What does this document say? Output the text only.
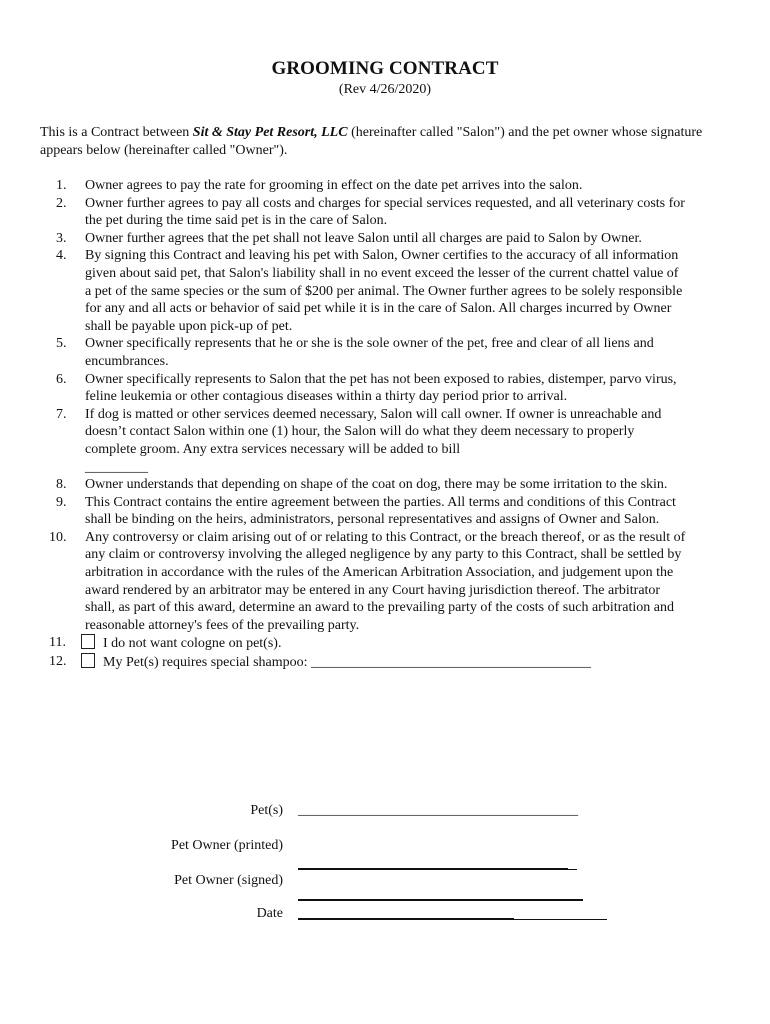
GROOMING CONTRACT
(Rev 4/26/2020)
This is a Contract between Sit & Stay Pet Resort, LLC (hereinafter called "Salon") and the pet owner whose signature appears below (hereinafter called "Owner").
1. Owner agrees to pay the rate for grooming in effect on the date pet arrives into the salon.
2. Owner further agrees to pay all costs and charges for special services requested, and all veterinary costs for the pet during the time said pet is in the care of Salon.
3. Owner further agrees that the pet shall not leave Salon until all charges are paid to Salon by Owner.
4. By signing this Contract and leaving his pet with Salon, Owner certifies to the accuracy of all information given about said pet, that Salon's liability shall in no event exceed the lesser of the current chattel value of a pet of the same species or the sum of $200 per animal. The Owner further agrees to be solely responsible for any and all acts or behavior of said pet while it is in the care of Salon. All charges incurred by Owner shall be payable upon pick-up of pet.
5. Owner specifically represents that he or she is the sole owner of the pet, free and clear of all liens and encumbrances.
6. Owner specifically represents to Salon that the pet has not been exposed to rabies, distemper, parvo virus, feline leukemia or other contagious diseases within a thirty day period prior to arrival.
7. If dog is matted or other services deemed necessary, Salon will call owner. If owner is unreachable and doesn’t contact Salon within one (1) hour, the Salon will do what they deem necessary to properly complete groom. Any extra services necessary will be added to bill
_________
8. Owner understands that depending on shape of the coat on dog, there may be some irritation to the skin.
9. This Contract contains the entire agreement between the parties. All terms and conditions of this Contract shall be binding on the heirs, administrators, personal representatives and assigns of Owner and Salon.
10. Any controversy or claim arising out of or relating to this Contract, or the breach thereof, or as the result of any claim or controversy involving the alleged negligence by any party to this Contract, shall be settled by arbitration in accordance with the rules of the American Arbitration Association, and judgement upon the award rendered by an arbitrator may be entered in any Court having jurisdiction thereof. The arbitrator shall, as part of this award, determine an award to the prevailing party of the costs of such arbitration and reasonable attorney's fees of the prevailing party.
11.	I do not want cologne on pet(s).
12.	My Pet(s) requires special shampoo: ________________________________________
Pet(s) ________________________________________
Pet Owner (printed)
Pet Owner (signed)
Date
